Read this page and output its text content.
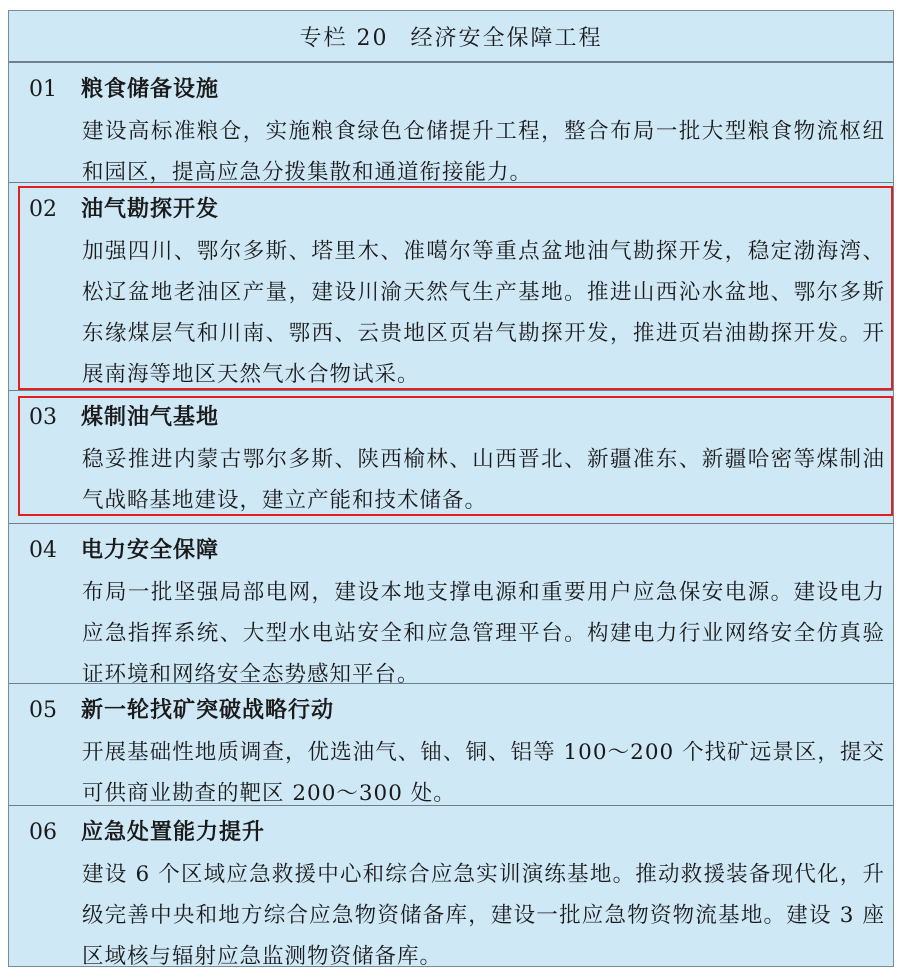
专栏 20 经济安全保障工程
01 粮食储备设施
建设高标准粮仓，实施粮食绿色仓储提升工程，整合布局一批大型粮食物流枢纽和园区，提高应急分拨集散和通道衔接能力。
02 油气勘探开发
加强四川、鄂尔多斯、塔里木、准噶尔等重点盆地油气勘探开发，稳定渤海湾、松辽盆地老油区产量，建设川渝天然气生产基地。推进山西沁水盆地、鄂尔多斯东缘煤层气和川南、鄂西、云贵地区页岩气勘探开发，推进页岩油勘探开发。开展南海等地区天然气水合物试采。
03 煤制油气基地
稳妥推进内蒙古鄂尔多斯、陕西榆林、山西晋北、新疆准东、新疆哈密等煤制油气战略基地建设，建立产能和技术储备。
04 电力安全保障
布局一批坚强局部电网，建设本地支撑电源和重要用户应急保安电源。建设电力应急指挥系统、大型水电站安全和应急管理平台。构建电力行业网络安全仿真验证环境和网络安全态势感知平台。
05 新一轮找矿突破战略行动
开展基础性地质调查，优选油气、铀、铜、铝等 100～200 个找矿远景区，提交可供商业勘查的靶区 200～300 处。
06 应急处置能力提升
建设 6 个区域应急救援中心和综合应急实训演练基地。推动救援装备现代化，升级完善中央和地方综合应急物资储备库，建设一批应急物资物流基地。建设 3 座区域核与辐射应急监测物资储备库。
